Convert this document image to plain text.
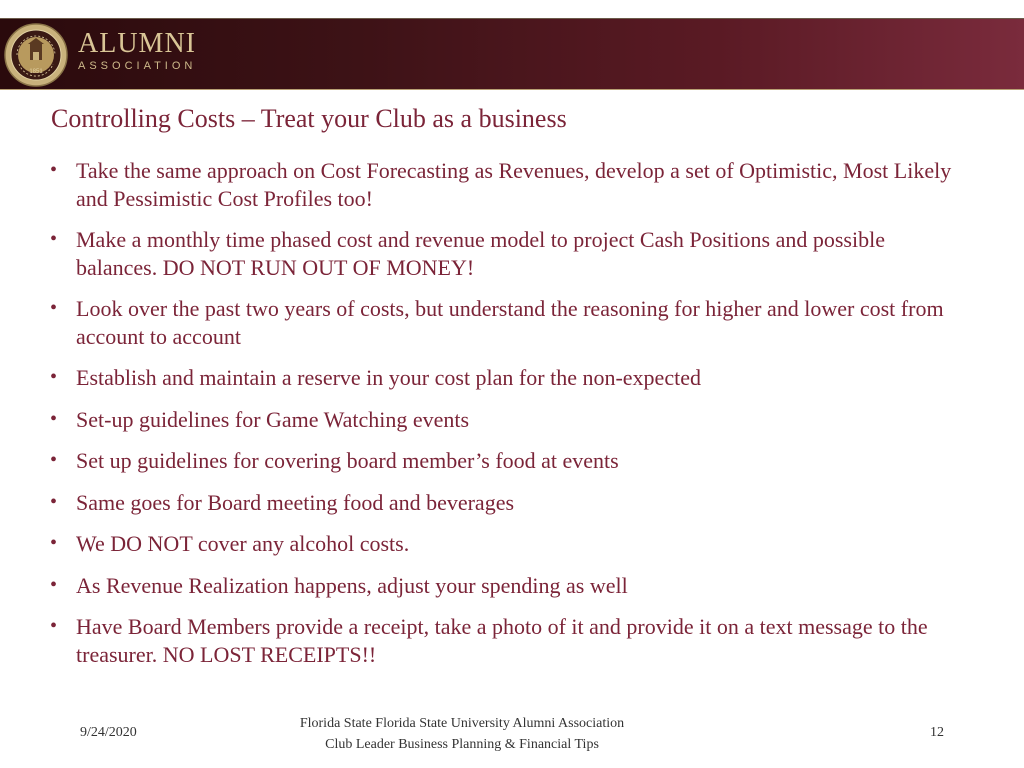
1851
ALUMNI
ASSOCIATION
Controlling Costs – Treat your Club as a business
• Take the same approach on Cost Forecasting as Revenues, develop a set of Optimistic, Most Likely and Pessimistic Cost Profiles too!
• Make a monthly time phased cost and revenue model to project Cash Positions and possible balances. DO NOT RUN OUT OF MONEY!
• Look over the past two years of costs, but understand the reasoning for higher and lower cost from account to account
• Establish and maintain a reserve in your cost plan for the non-expected
• Set-up guidelines for Game Watching events
• Set up guidelines for covering board member’s food at events
• Same goes for Board meeting food and beverages
• We DO NOT cover any alcohol costs.
• As Revenue Realization happens, adjust your spending as well
• Have Board Members provide a receipt, take a photo of it and provide it on a text message to the treasurer. NO LOST RECEIPTS!!
9/24/2020
Florida State Florida State University Alumni Association
Club Leader Business Planning & Financial Tips
12
